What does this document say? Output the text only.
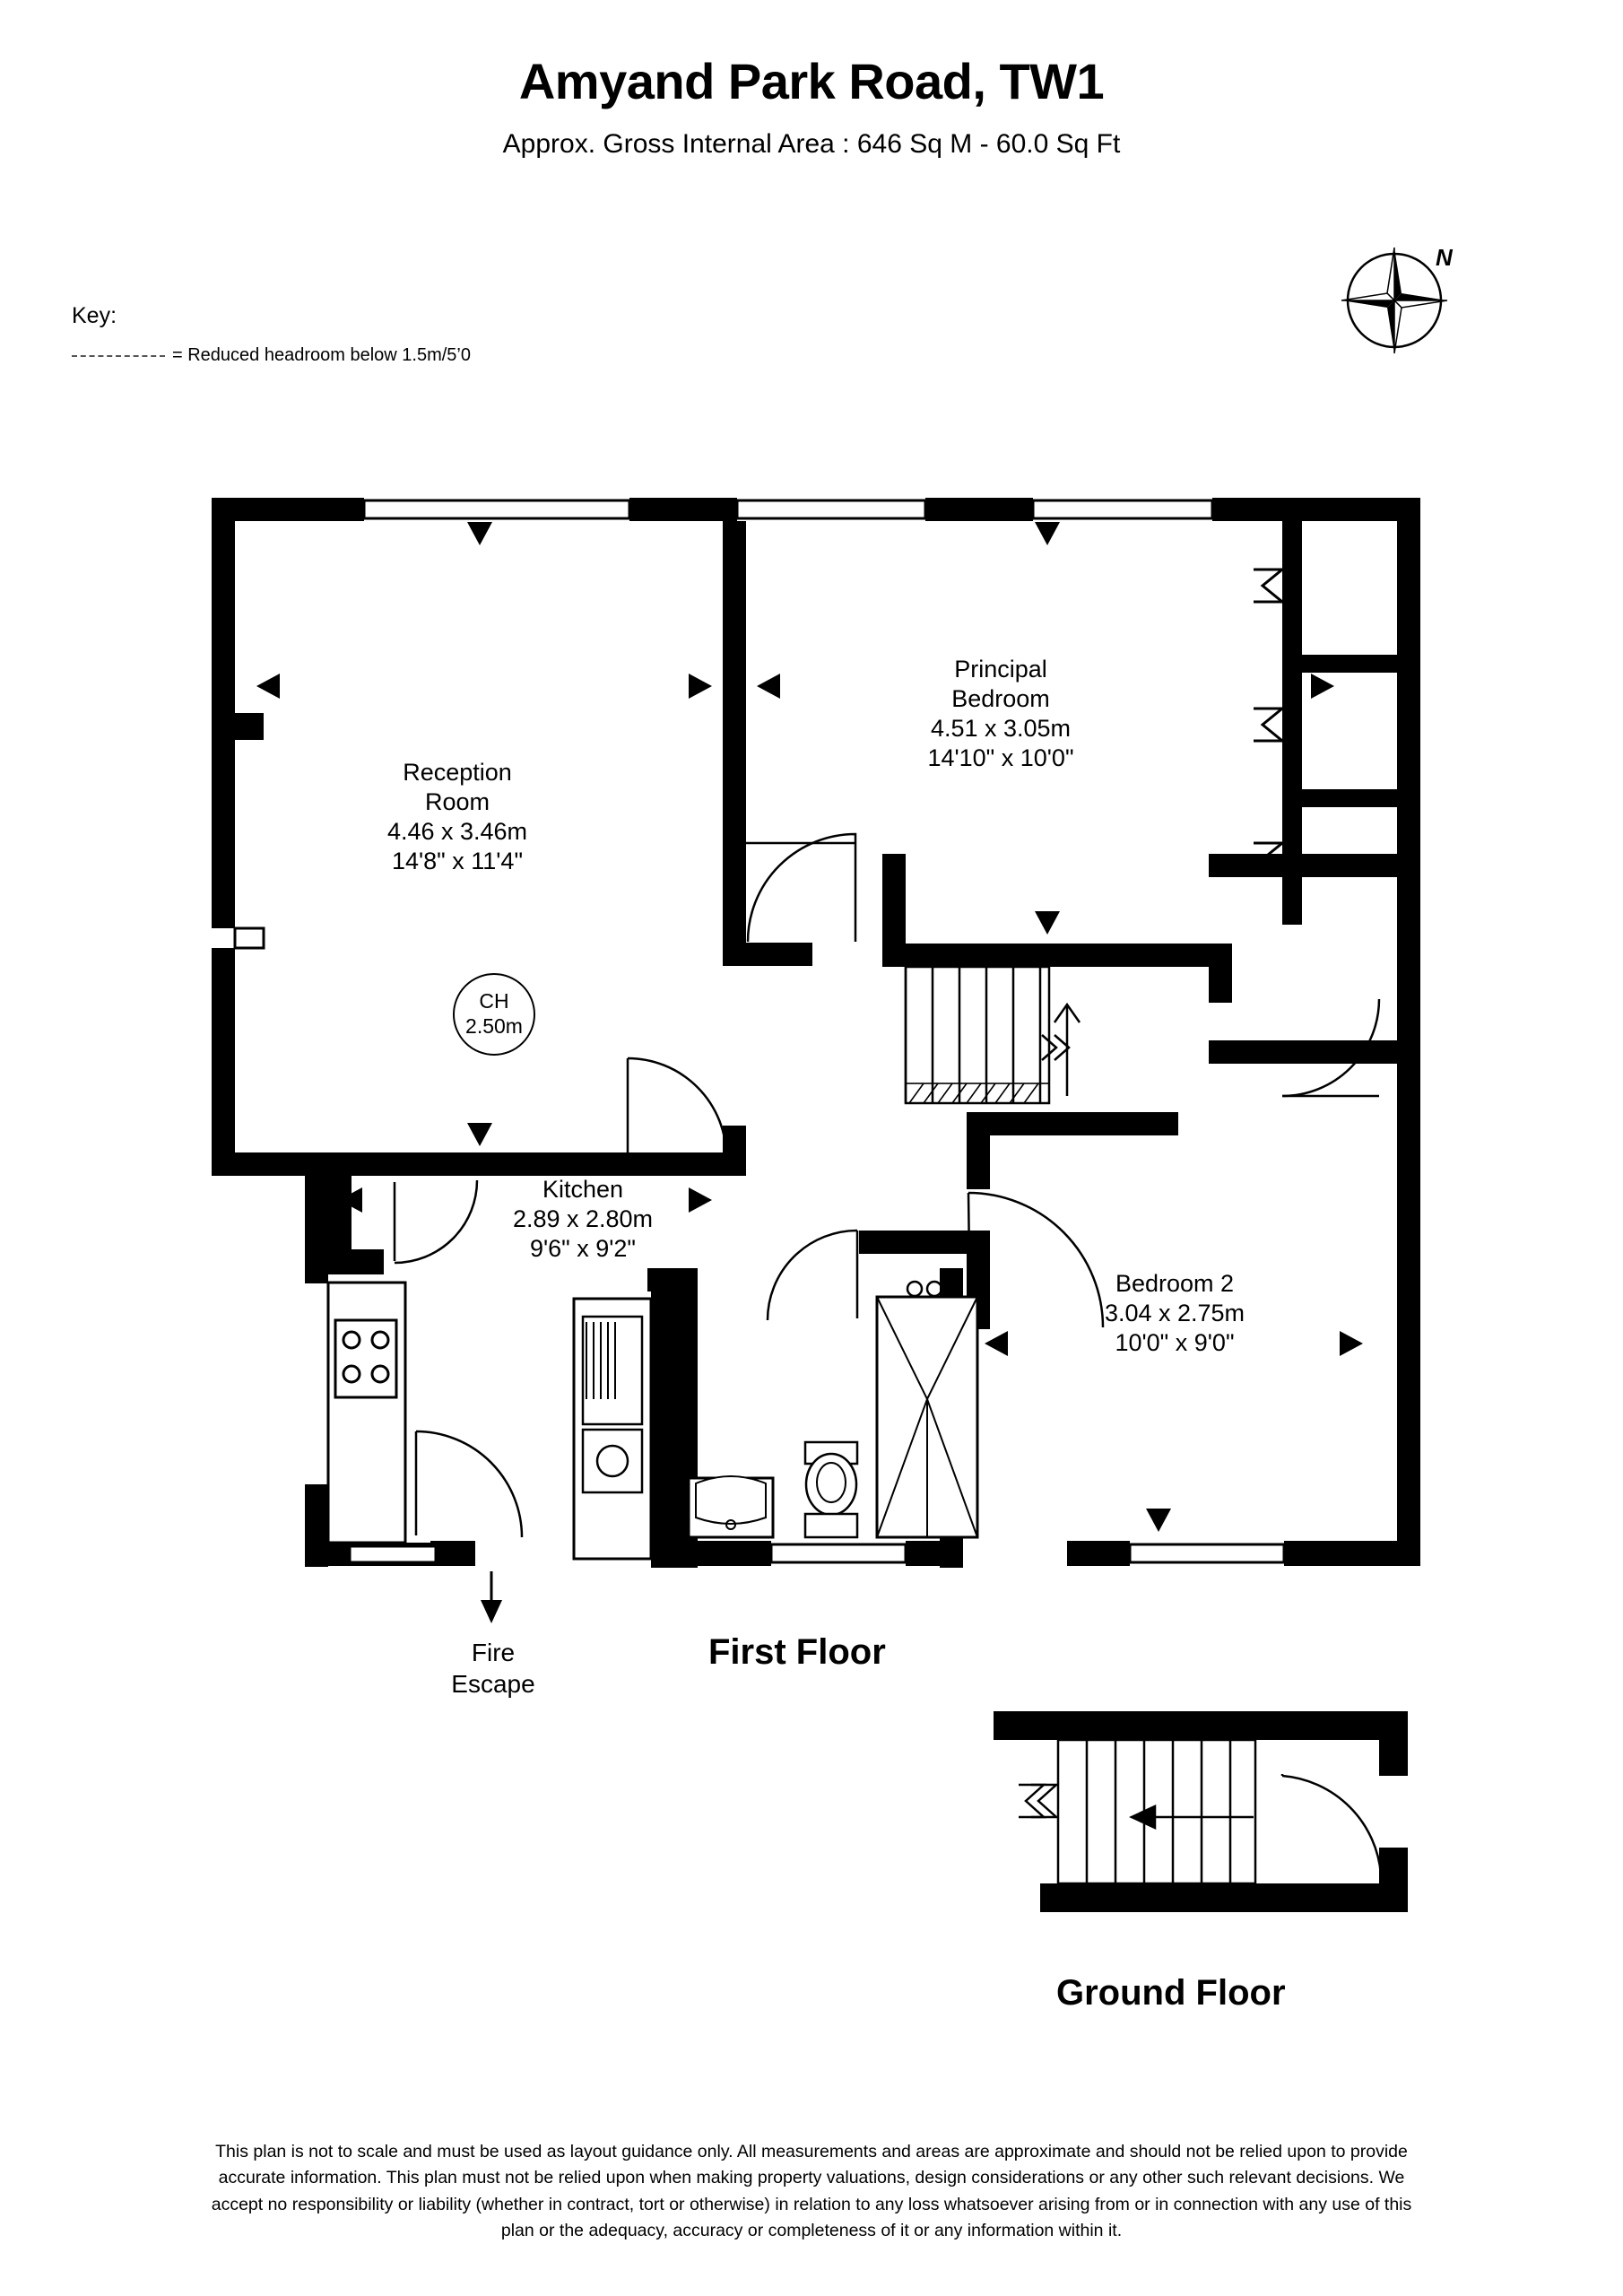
Amyand Park Road, TW1
Approx. Gross Internal Area : 646 Sq M - 60.0 Sq Ft
Key:
= Reduced headroom below 1.5m/5’0
N
Reception
Room
4.46 x 3.46m
14'8" x 11'4"
Principal
Bedroom
4.51 x 3.05m
14'10" x 10'0"
Kitchen
2.89 x 2.80m
9'6" x 9'2"
Bedroom 2
3.04 x 2.75m
10'0" x 9'0"
CH
2.50m
Fire
Escape
First Floor
Ground Floor
This plan is not to scale and must be used as layout guidance only. All measurements and areas are approximate and should not be relied upon to provide accurate information. This plan must not be relied upon when making property valuations, design considerations or any other such relevant decisions. We accept no responsibility or liability (whether in contract, tort or otherwise) in relation to any loss whatsoever arising from or in connection with any use of this plan or the adequacy, accuracy or completeness of it or any information within it.
